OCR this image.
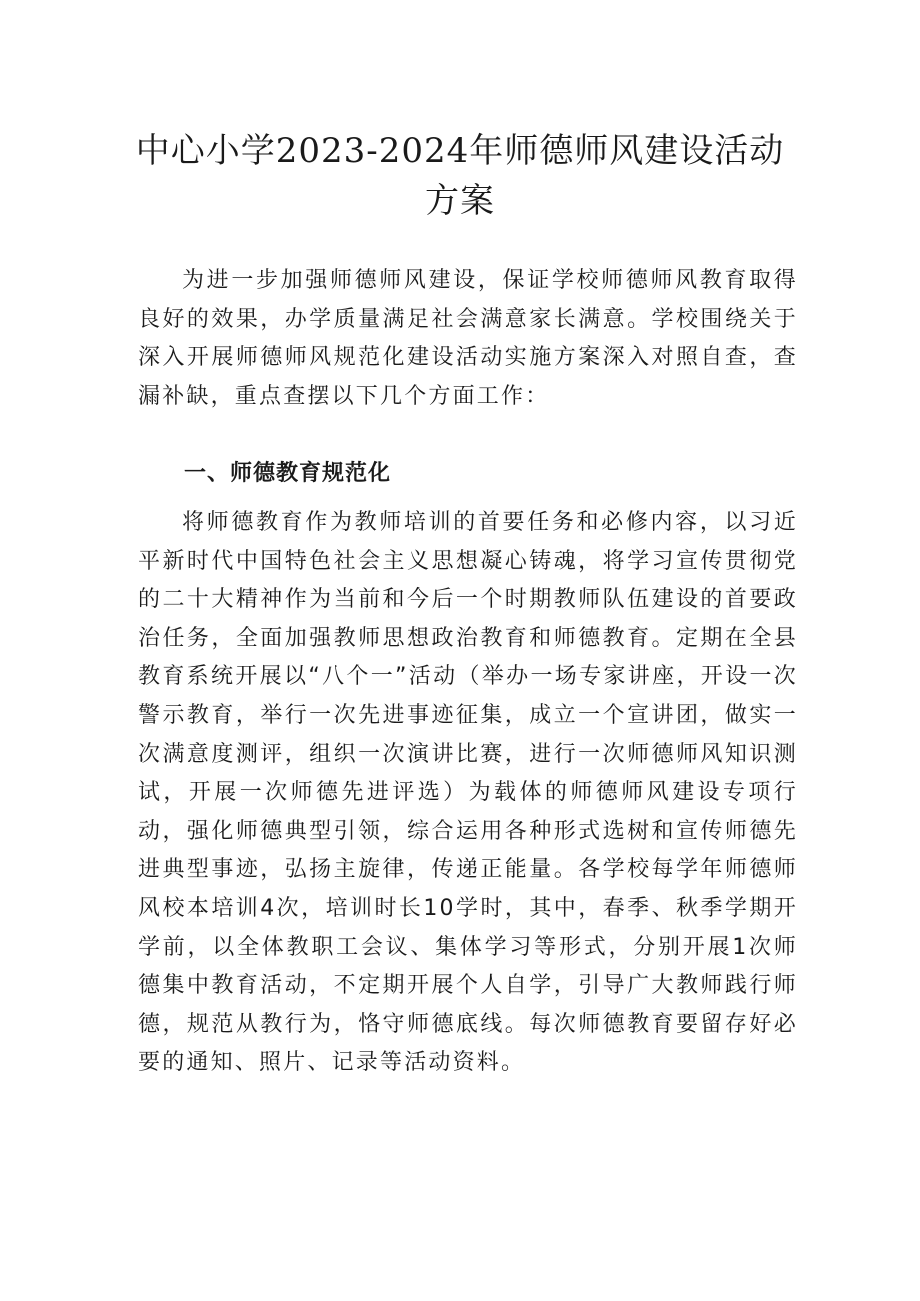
中心小学2023-2024年师德师风建设活动方案
为进一步加强师德师风建设，保证学校师德师风教育取得良好的效果，办学质量满足社会满意家长满意。学校围绕关于深入开展师德师风规范化建设活动实施方案深入对照自查，查漏补缺，重点查摆以下几个方面工作：
一、师德教育规范化
将师德教育作为教师培训的首要任务和必修内容，以习近平新时代中国特色社会主义思想凝心铸魂，将学习宣传贯彻党的二十大精神作为当前和今后一个时期教师队伍建设的首要政治任务，全面加强教师思想政治教育和师德教育。定期在全县教育系统开展以“八个一”活动（举办一场专家讲座，开设一次警示教育，举行一次先进事迹征集，成立一个宣讲团，做实一次满意度测评，组织一次演讲比赛，进行一次师德师风知识测试，开展一次师德先进评选）为载体的师德师风建设专项行动，强化师德典型引领，综合运用各种形式选树和宣传师德先进典型事迹，弘扬主旋律，传递正能量。各学校每学年师德师风校本培训4次，培训时长10学时，其中，春季、秋季学期开学前，以全体教职工会议、集体学习等形式，分别开展1次师德集中教育活动，不定期开展个人自学，引导广大教师践行师德，规范从教行为，恪守师德底线。每次师德教育要留存好必要的通知、照片、记录等活动资料。
